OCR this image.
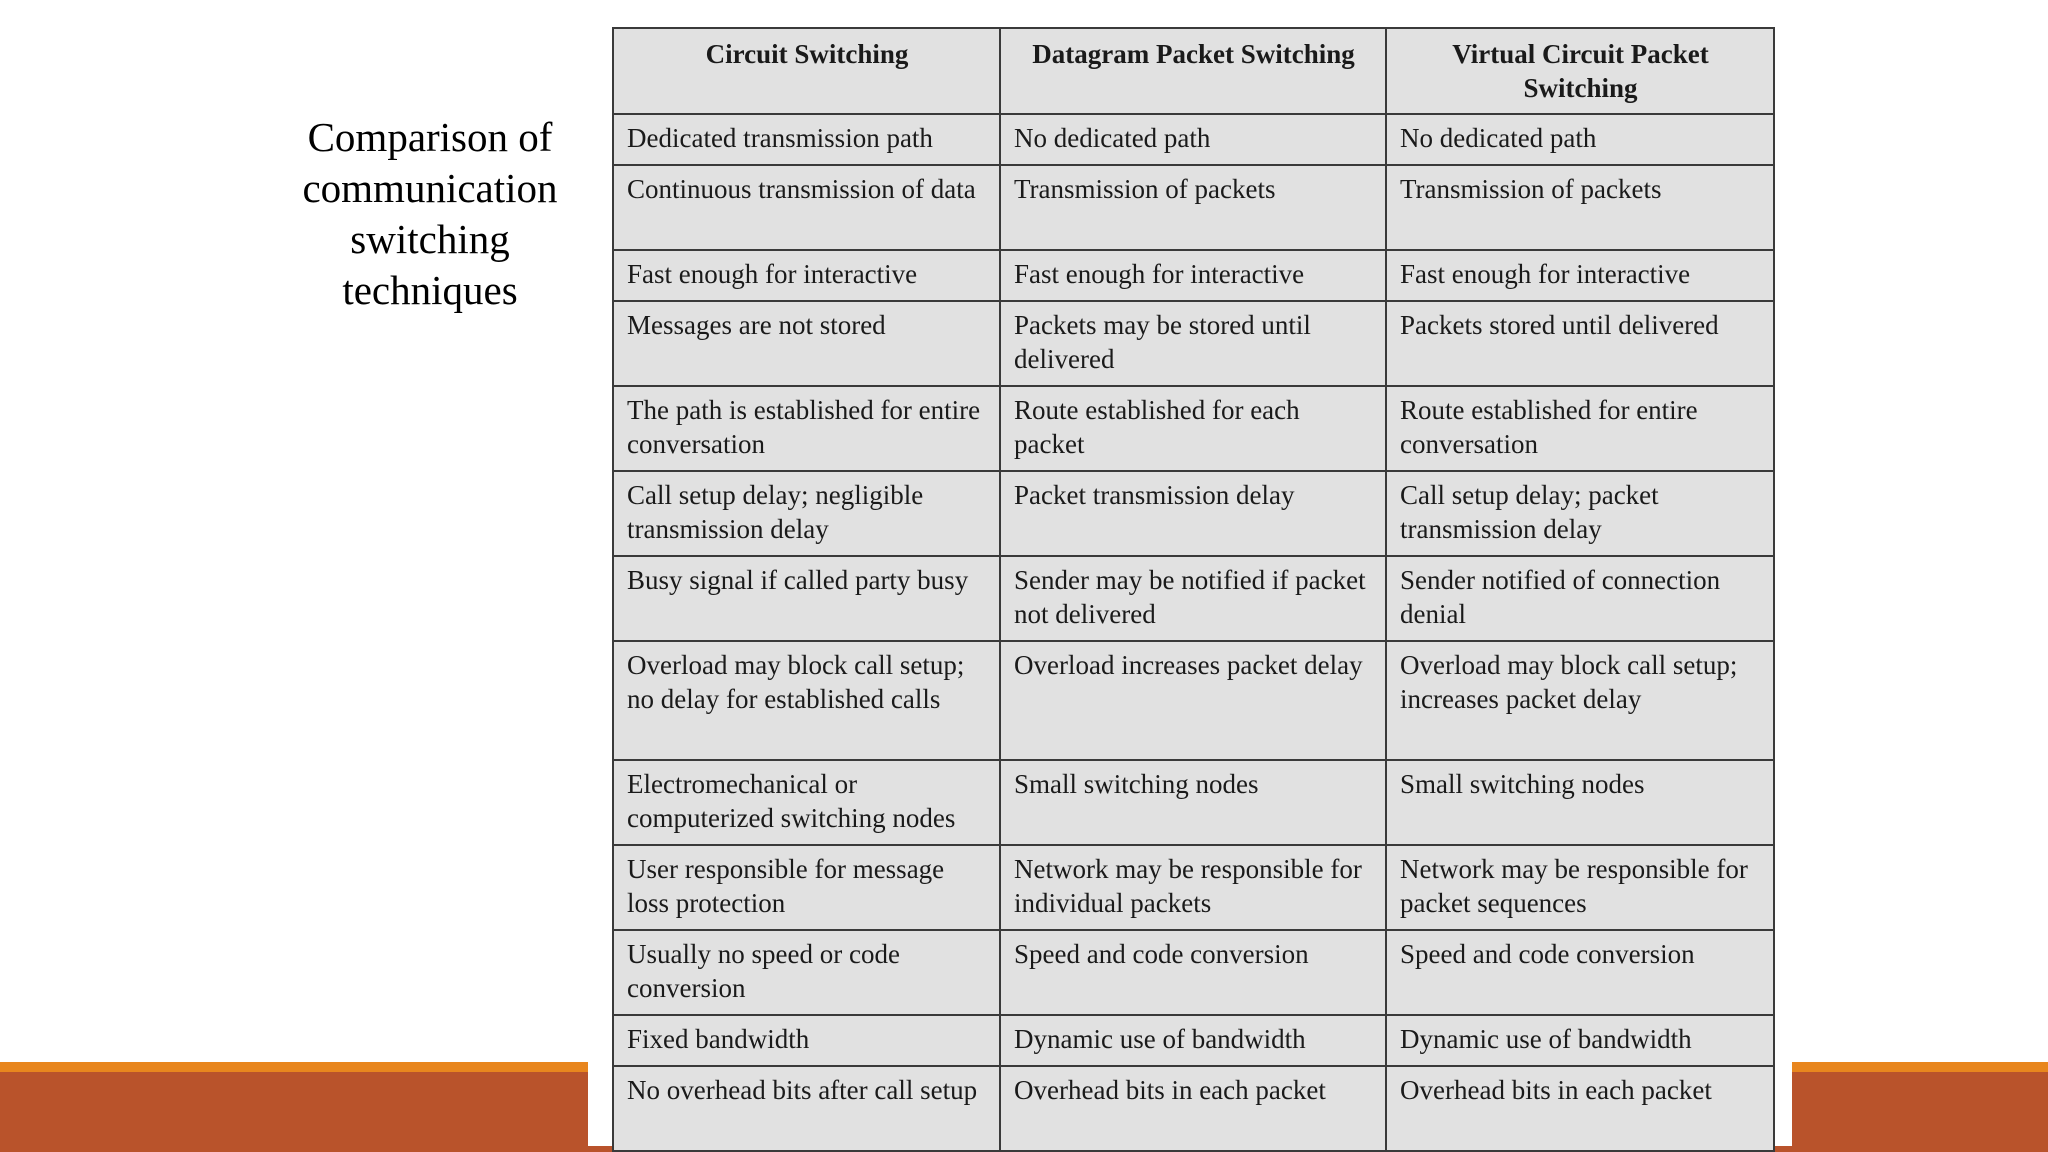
Comparison of communication switching techniques
Circuit Switching	Datagram Packet Switching	Virtual Circuit Packet Switching
Dedicated transmission path	No dedicated path	No dedicated path
Continuous transmission of data	Transmission of packets	Transmission of packets
Fast enough for interactive	Fast enough for interactive	Fast enough for interactive
Messages are not stored	Packets may be stored until delivered	Packets stored until delivered
The path is established for entire conversation	Route established for each packet	Route established for entire conversation
Call setup delay; negligible transmission delay	Packet transmission delay	Call setup delay; packet transmission delay
Busy signal if called party busy	Sender may be notified if packet not delivered	Sender notified of connection denial
Overload may block call setup; no delay for established calls	Overload increases packet delay	Overload may block call setup; increases packet delay
Electromechanical or computerized switching nodes	Small switching nodes	Small switching nodes
User responsible for message loss protection	Network may be responsible for individual packets	Network may be responsible for packet sequences
Usually no speed or code conversion	Speed and code conversion	Speed and code conversion
Fixed bandwidth	Dynamic use of bandwidth	Dynamic use of bandwidth
No overhead bits after call setup	Overhead bits in each packet	Overhead bits in each packet
